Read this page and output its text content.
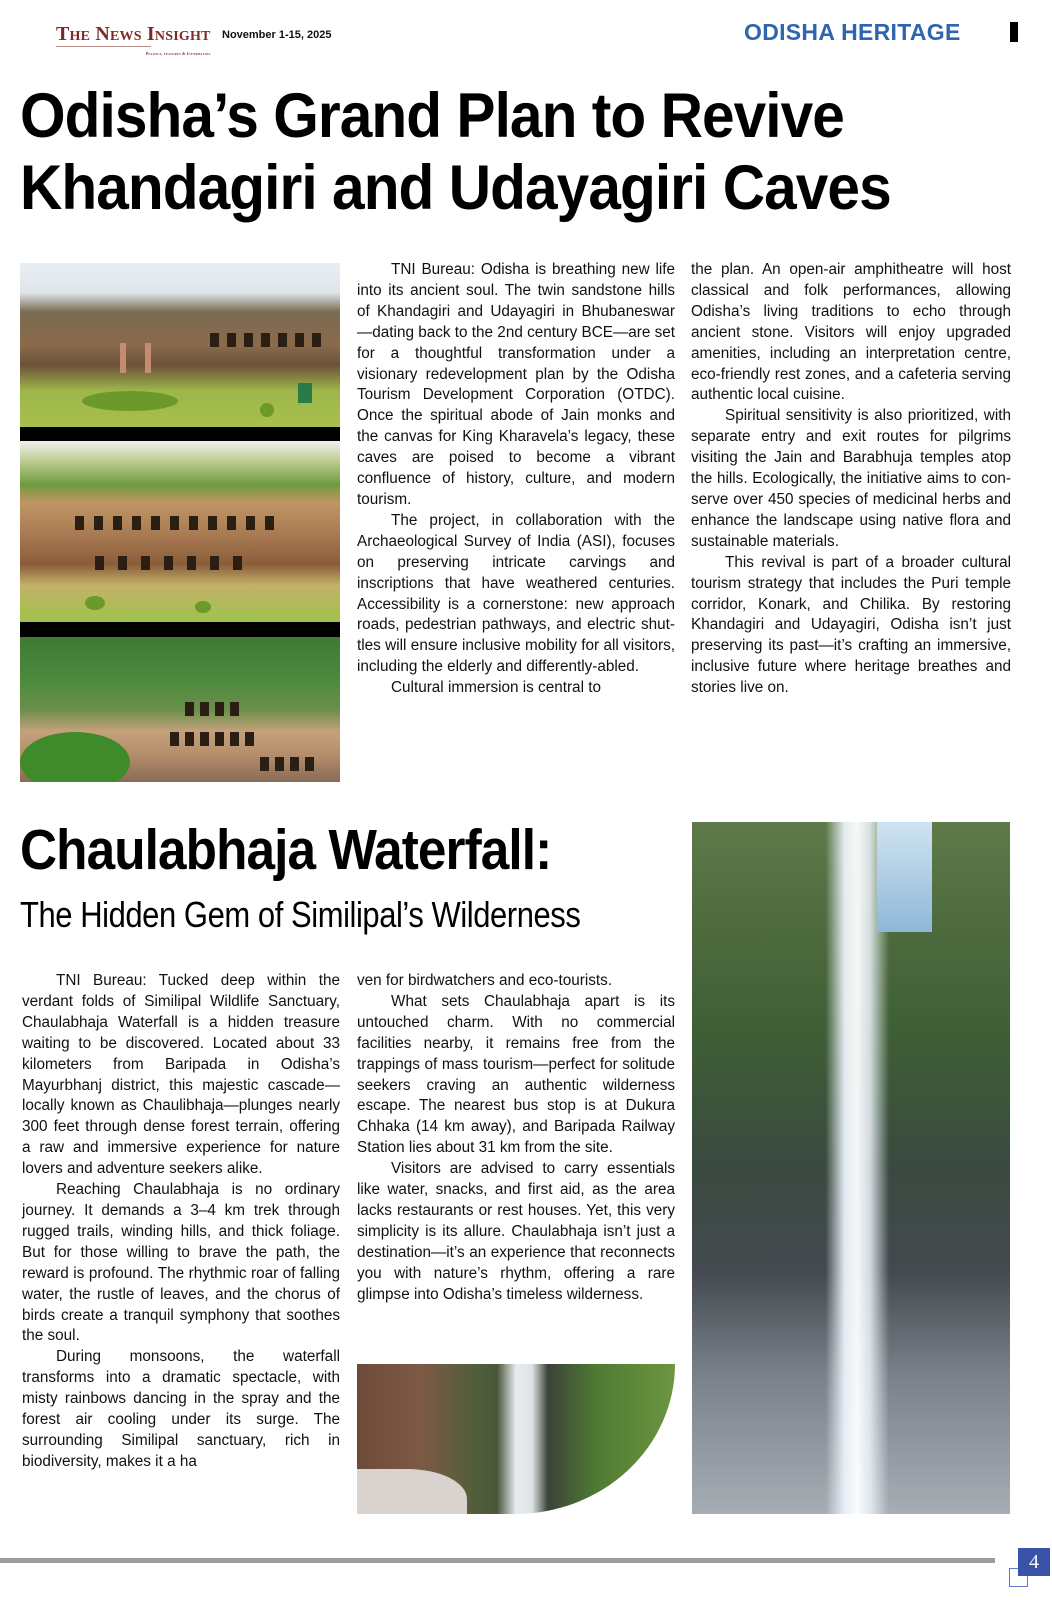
The News Insight
Politics, features & Information
November 1-15, 2025	ODISHA HERITAGE
Odisha’s Grand Plan to Revive
Khandagiri and Udayagiri Caves

TNI Bureau: Odisha is breathing new life into its ancient soul. The twin sandstone hills of Khandagiri and Udayagiri in Bhubaneswar—dating back to the 2nd century BCE—are set for a thoughtful transformation under a visionary redevelopment plan by the Odisha Tourism Development Corporation (OTDC). Once the spiritual abode of Jain monks and the canvas for King Kharavela’s legacy, these caves are poised to become a vibrant confluence of history, culture, and modern tourism.

The project, in collaboration with the Archaeological Survey of India (ASI), focuses on preserving intricate carvings and inscriptions that have weathered centuries. Accessibility is a cornerstone: new approach roads, pedestrian pathways, and electric shuttles will ensure inclusive mobility for all visitors, including the elderly and differently-abled.

Cultural immersion is central to

the plan. An open-air amphitheatre will host classical and folk performances, allowing Odisha’s living traditions to echo through ancient stone. Visitors will enjoy upgraded amenities, including an interpretation centre, eco-friendly rest zones, and a cafeteria serving authentic local cuisine.

Spiritual sensitivity is also prioritized, with separate entry and exit routes for pilgrims visiting the Jain and Barabhuja temples atop the hills. Ecologically, the initiative aims to conserve over 450 species of medicinal herbs and enhance the landscape using native flora and sustainable materials.

This revival is part of a broader cultural tourism strategy that includes the Puri temple corridor, Konark, and Chilika. By restoring Khandagiri and Udayagiri, Odisha isn’t just preserving its past—it’s crafting an immersive, inclusive future where heritage breathes and stories live on.

Chaulabhaja Waterfall:
The Hidden Gem of Similipal’s Wilderness

TNI Bureau: Tucked deep within the verdant folds of Similipal Wildlife Sanctuary, Chaulabhaja Waterfall is a hidden treasure waiting to be discovered. Located about 33 kilometers from Baripada in Odisha’s Mayurbhanj district, this majestic cascade—locally known as Chaulibhaja—plunges nearly 300 feet through dense forest terrain, offering a raw and immersive experience for nature lovers and adventure seekers alike.

Reaching Chaulabhaja is no ordinary journey. It demands a 3–4 km trek through rugged trails, winding hills, and thick foliage. But for those willing to brave the path, the reward is profound. The rhythmic roar of falling water, the rustle of leaves, and the chorus of birds create a tranquil symphony that soothes the soul.

During monsoons, the waterfall transforms into a dramatic spectacle, with misty rainbows dancing in the spray and the forest air cooling under its surge. The surrounding Similipal sanctuary, rich in biodiversity, makes it a ha

ven for birdwatchers and eco-tourists.

What sets Chaulabhaja apart is its untouched charm. With no commercial facilities nearby, it remains free from the trappings of mass tourism—perfect for solitude seekers craving an authentic wilderness escape. The nearest bus stop is at Dukura Chhaka (14 km away), and Baripada Railway Station lies about 31 km from the site.

Visitors are advised to carry essentials like water, snacks, and first aid, as the area lacks restaurants or rest houses. Yet, this very simplicity is its allure. Chaulabhaja isn’t just a destination—it’s an experience that reconnects you with nature’s rhythm, offering a rare glimpse into Odisha’s timeless wilderness.

4
